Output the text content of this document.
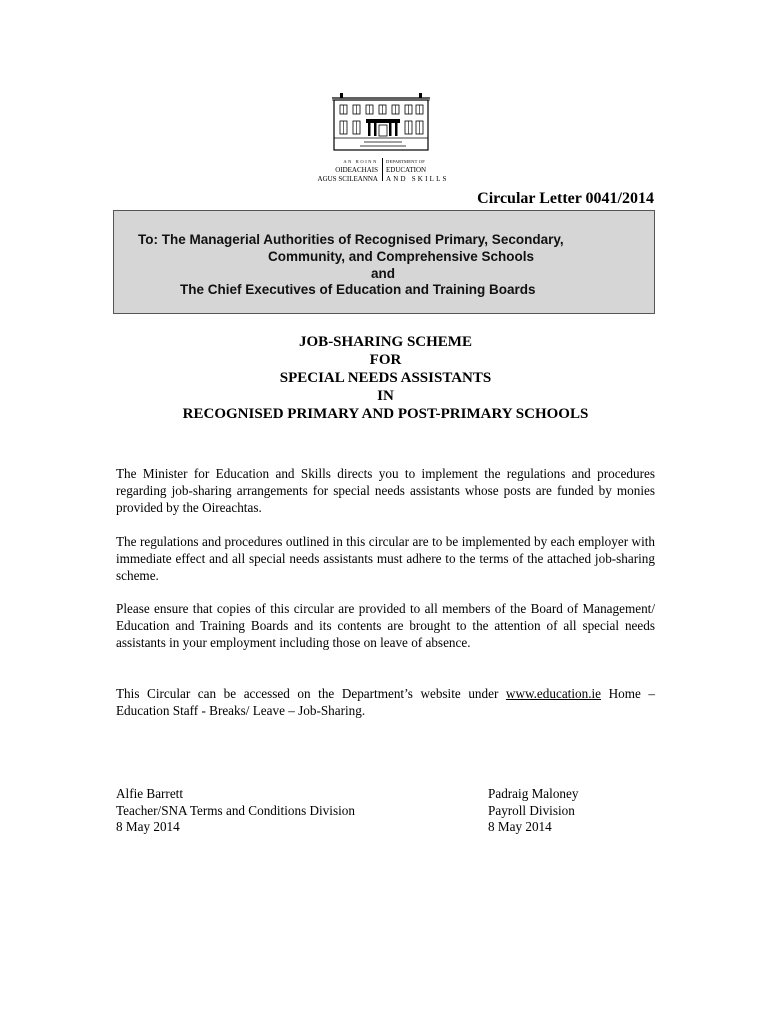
AN ROINN
OIDEACHAIS
AGUS SCILEANNA
DEPARTMENT OF
EDUCATION
AND SKILLS
Circular Letter 0041/2014
To: The Managerial Authorities of Recognised Primary, Secondary,
Community, and Comprehensive Schools
and
The Chief Executives of Education and Training Boards
JOB-SHARING SCHEME
FOR
SPECIAL NEEDS ASSISTANTS
IN
RECOGNISED PRIMARY AND POST-PRIMARY SCHOOLS
The Minister for Education and Skills directs you to implement the regulations and procedures regarding job-sharing arrangements for special needs assistants whose posts are funded by monies provided by the Oireachtas.
The regulations and procedures outlined in this circular are to be implemented by each employer with immediate effect and all special needs assistants must adhere to the terms of the attached job-sharing scheme.
Please ensure that copies of this circular are provided to all members of the Board of Management/ Education and Training Boards and its contents are brought to the attention of all special needs assistants in your employment including those on leave of absence.
This Circular can be accessed on the Department’s website under www.education.ie Home – Education Staff - Breaks/ Leave – Job-Sharing.
Alfie Barrett
Teacher/SNA Terms and Conditions Division
8 May 2014
Padraig Maloney
Payroll Division
8 May 2014
